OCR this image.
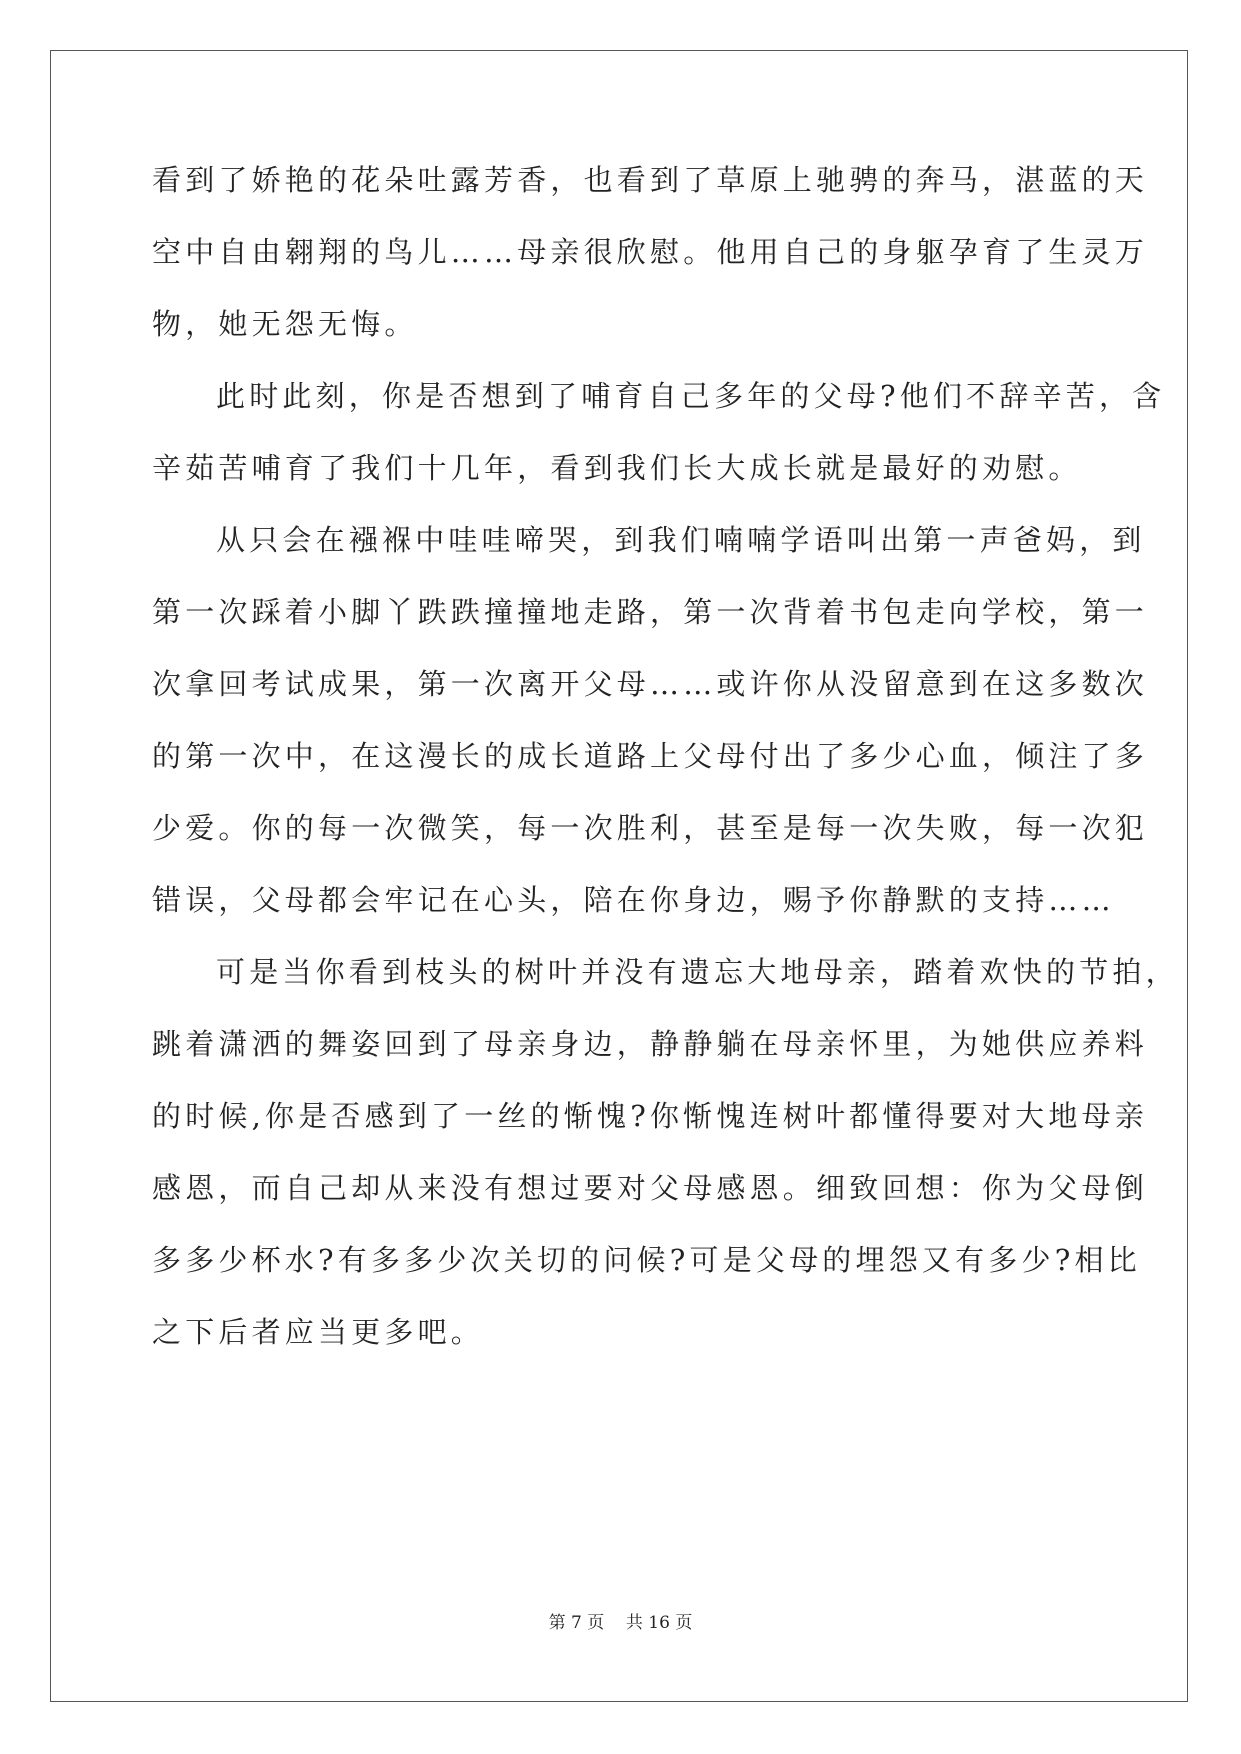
看到了娇艳的花朵吐露芳香，也看到了草原上驰骋的奔马，湛蓝的天
空中自由翱翔的鸟儿……母亲很欣慰。他用自己的身躯孕育了生灵万
物，她无怨无悔。
此时此刻，你是否想到了哺育自己多年的父母?他们不辞辛苦，含
辛茹苦哺育了我们十几年，看到我们长大成长就是最好的劝慰。
从只会在襁褓中哇哇啼哭，到我们喃喃学语叫出第一声爸妈，到
第一次踩着小脚丫跌跌撞撞地走路，第一次背着书包走向学校，第一
次拿回考试成果，第一次离开父母……或许你从没留意到在这多数次
的第一次中，在这漫长的成长道路上父母付出了多少心血，倾注了多
少爱。你的每一次微笑，每一次胜利，甚至是每一次失败，每一次犯
错误，父母都会牢记在心头，陪在你身边，赐予你静默的支持……
可是当你看到枝头的树叶并没有遗忘大地母亲，踏着欢快的节拍，
跳着潇洒的舞姿回到了母亲身边，静静躺在母亲怀里，为她供应养料
的时候,你是否感到了一丝的惭愧?你惭愧连树叶都懂得要对大地母亲
感恩，而自己却从来没有想过要对父母感恩。细致回想：你为父母倒
多多少杯水?有多多少次关切的问候?可是父母的埋怨又有多少?相比
之下后者应当更多吧。
第 7 页    共 16 页
